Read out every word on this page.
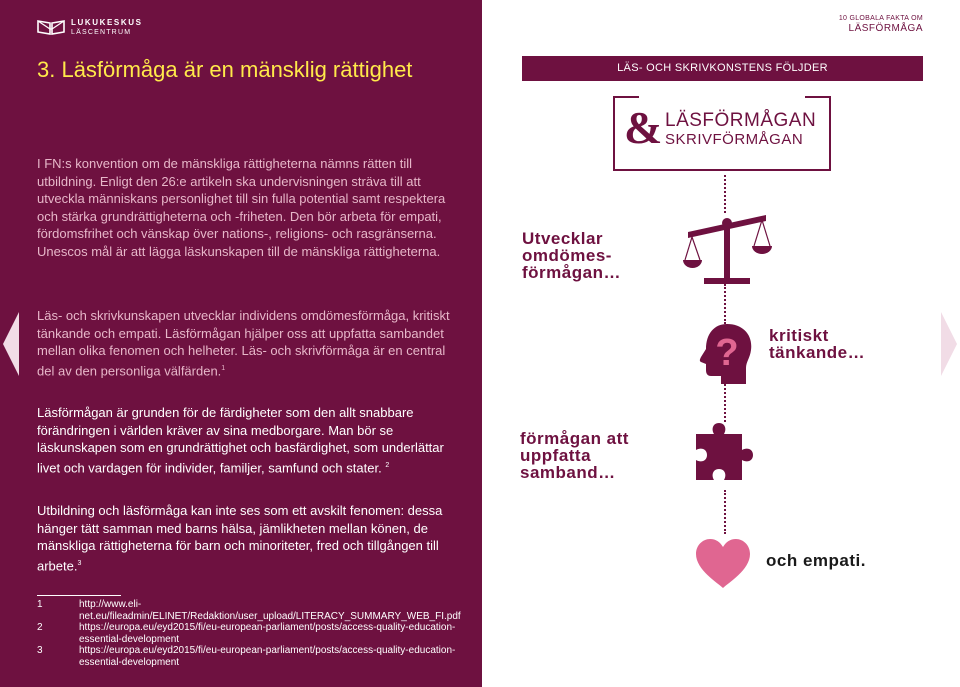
LUKUKESKUS
LÄSCENTRUM
3. Läsförmåga är en mänsklig rättighet

I FN:s konvention om de mänskliga rättigheterna nämns rätten till utbildning. Enligt den 26:e artikeln ska undervisningen sträva till att utveckla människans personlighet till sin fulla potential samt respektera och stärka grundrättigheterna och -friheten. Den bör arbeta för empati, fördomsfrihet och vänskap över nations-, religions- och rasgränserna. Unescos mål är att lägga läskunskapen till de mänskliga rättigheterna.

Läs- och skrivkunskapen utvecklar individens omdömesförmåga, kritiskt tänkande och empati. Läsförmågan hjälper oss att uppfatta sambandet mellan olika fenomen och helheter. Läs- och skrivförmåga är en central del av den personliga välfärden.$^1$

Läsförmågan är grunden för de färdigheter som den allt snabbare förändringen i världen kräver av sina medborgare. Man bör se läskunskapen som en grundrättighet och basfärdighet, som underlättar livet och vardagen för individer, familjer, samfund och stater. $^2$

Utbildning och läsförmåga kan inte ses som ett avskilt fenomen: dessa hänger tätt samman med barns hälsa, jämlikheten mellan könen, de mänskliga rättigheterna för barn och minoriteter, fred och tillgången till arbete.$^3$

1	http://www.eli-net.eu/fileadmin/ELINET/Redaktion/user_upload/LITERACY_SUMMARY_WEB_FI.pdf
2	https://europa.eu/eyd2015/fi/eu-european-parliament/posts/access-quality-education-essential-development
3	https://europa.eu/eyd2015/fi/eu-european-parliament/posts/access-quality-education-essential-development
10 GLOBALA FAKTA OM
LÄSFÖRMÅGA
LÄS- OCH SKRIVKONSTENS FÖLJDER
& LÄSFÖRMÅGAN
SKRIVFÖRMÅGAN
?
Utvecklar omdömes- förmågan…
kritiskt tänkande…
förmågan att uppfatta samband…
och empati.
